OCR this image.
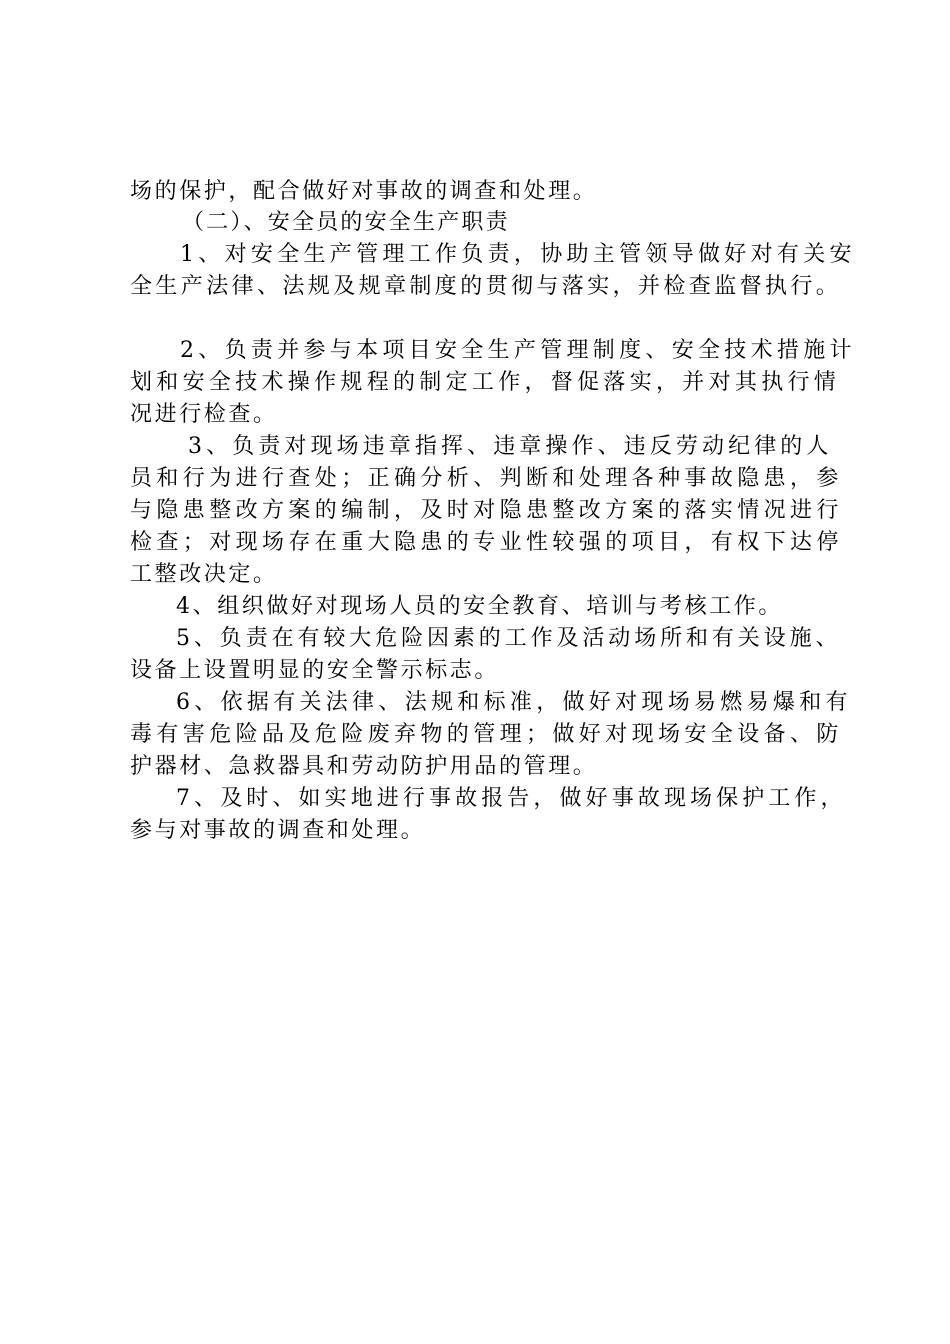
场的保护，配合做好对事故的调查和处理。
（二）、安全员的安全生产职责
1、对安全生产管理工作负责，协助主管领导做好对有关安
全生产法律、法规及规章制度的贯彻与落实，并检查监督执行。
2、负责并参与本项目安全生产管理制度、安全技术措施计
划和安全技术操作规程的制定工作，督促落实，并对其执行情
况进行检查。
3、负责对现场违章指挥、违章操作、违反劳动纪律的人
员和行为进行查处；正确分析、判断和处理各种事故隐患，参
与隐患整改方案的编制，及时对隐患整改方案的落实情况进行
检查；对现场存在重大隐患的专业性较强的项目，有权下达停
工整改决定。
4、组织做好对现场人员的安全教育、培训与考核工作。
5、负责在有较大危险因素的工作及活动场所和有关设施、
设备上设置明显的安全警示标志。
6、依据有关法律、法规和标准，做好对现场易燃易爆和有
毒有害危险品及危险废弃物的管理；做好对现场安全设备、防
护器材、急救器具和劳动防护用品的管理。
7、及时、如实地进行事故报告，做好事故现场保护工作，
参与对事故的调查和处理。
